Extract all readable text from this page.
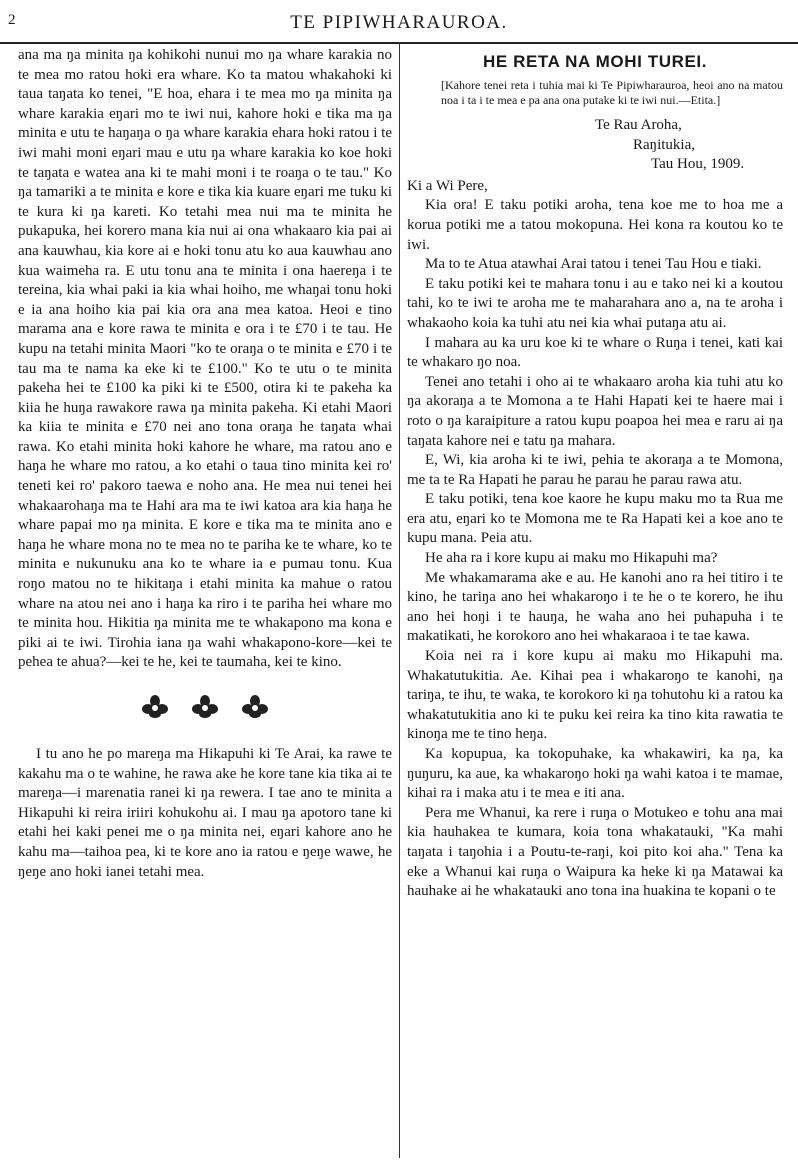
2	TE PIPIWHARAUROA.

ana ma ŋa minita ŋa kohikohi nunui mo ŋa whare karakia no te mea mo ratou hoki era whare. Ko ta matou whakahoki ki taua taŋata ko tenei, "E hoa, ehara i te mea mo ŋa minita ŋa whare karakia eŋari mo te iwi nui, kahore hoki e tika ma ŋa minita e utu te haŋaŋa o ŋa whare karakia ehara hoki ratou i te iwi mahi moni eŋari mau e utu ŋa whare karakia ko koe hoki te taŋata e watea ana ki te mahi moni i te roaŋa o te tau." Ko ŋa tamariki a te minita e kore e tika kia kuare eŋari me tuku ki te kura ki ŋa kareti. Ko tetahi mea nui ma te minita he pukapuka, hei korero mana kia nui ai ona whakaaro kia pai ai ana kauwhau, kia kore ai e hoki tonu atu ko aua kauwhau ano kua waimeha ra. E utu tonu ana te minita i ona haereŋa i te tereina, kia whai paki ia kia whai hoiho, me whaŋai tonu hoki e ia ana hoiho kia pai kia ora ana mea katoa. Heoi e tino marama ana e kore rawa te minita e ora i te £70 i te tau. He kupu na tetahi minita Maori "ko te oraŋa o te minita e £70 i te tau ma te nama ka eke ki te £100." Ko te utu o te minita pakeha hei te £100 ka piki ki te £500, otira ki te pakeha ka kiia he huŋa rawakore rawa ŋa minita pakeha. Ki etahi Maori ka kiia te minita e £70 nei ano tona oraŋa he taŋata whai rawa. Ko etahi minita hoki kahore he whare, ma ratou ano e haŋa he whare mo ratou, a ko etahi o taua tino minita kei ro' teneti kei ro' pakoro taewa e noho ana. He mea nui tenei hei whakaarohaŋa ma te Hahi ara ma te iwi katoa ara kia haŋa he whare papai mo ŋa minita. E kore e tika ma te minita ano e haŋa he whare mona no te mea no te pariha ke te whare, ko te minita e nukunuku ana ko te whare ia e pumau tonu. Kua roŋo matou no te hikitaŋa i etahi minita ka mahue o ratou whare na atou nei ano i haŋa ka riro i te pariha hei whare mo te minita hou. Hikitia ŋa minita me te whakapono ma kona e piki ai te iwi. Tirohia iana ŋa wahi whakapono-kore—kei te pehea te ahua?—kei te he, kei te taumaha, kei te kino.

I tu ano he po mareŋa ma Hikapuhi ki Te Arai, ka rawe te kakahu ma o te wahine, he rawa ake he kore tane kia tika ai te mareŋa—i marenatia ranei ki ŋa rewera. I tae ano te minita a Hikapuhi ki reira iriiri kohukohu ai. I mau ŋa apotoro tane ki etahi hei kaki penei me o ŋa minita nei, eŋari kahore ano he kahu ma—taihoa pea, ki te kore ano ia ratou e ŋeŋe wawe, he ŋeŋe ano hoki ianei tetahi mea.

HE RETA NA MOHI TUREI.

[Kahore tenei reta i tuhia mai ki Te Pipiwharauroa, heoi ano na matou noa i ta i te mea e pa ana ona putake ki te iwi nui.—Etita.]

Te Rau Aroha,

Raŋitukia,

Tau Hou, 1909.

Ki a Wi Pere,

Kia ora! E taku potiki aroha, tena koe me to hoa me a korua potiki me a tatou mokopuna. Hei kona ra koutou ko te iwi.

Ma to te Atua atawhai Arai tatou i tenei Tau Hou e tiaki.

E taku potiki kei te mahara tonu i au e tako nei ki a koutou tahi, ko te iwi te aroha me te maharahara ano a, na te aroha i whakaoho koia ka tuhi atu nei kia whai putaŋa atu ai.

I mahara au ka uru koe ki te whare o Ruŋa i tenei, kati kai te whakaro ŋo noa.

Tenei ano tetahi i oho ai te whakaaro aroha kia tuhi atu ko ŋa akoraŋa a te Momona a te Hahi Hapati kei te haere mai i roto o ŋa karaipiture a ratou kupu poapoa hei mea e raru ai ŋa taŋata kahore nei e tatu ŋa mahara.

E, Wi, kia aroha ki te iwi, pehia te akoraŋa a te Momona, me ta te Ra Hapati he parau he parau he parau rawa atu.

E taku potiki, tena koe kaore he kupu maku mo ta Rua me era atu, eŋari ko te Momona me te Ra Hapati kei a koe ano te kupu mana. Peia atu.

He aha ra i kore kupu ai maku mo Hikapuhi ma?

Me whakamarama ake e au. He kanohi ano ra hei titiro i te kino, he tariŋa ano hei whakaroŋo i te he o te korero, he ihu ano hei hoŋi i te hauŋa, he waha ano hei puhapuha i te makatikati, he korokoro ano hei whakaraoa i te tae kawa.

Koia nei ra i kore kupu ai maku mo Hikapuhi ma. Whakatutukitia. Ae. Kihai pea i whakaroŋo te kanohi, ŋa tariŋa, te ihu, te waka, te korokoro ki ŋa tohutohu ki a ratou ka whakatutukitia ano ki te puku kei reira ka tino kita rawatia te kinoŋa me te tino heŋa.

Ka kopupua, ka tokopuhake, ka whakawiri, ka ŋa, ka ŋuŋuru, ka aue, ka whakaroŋo hoki ŋa wahi katoa i te mamae, kihai ra i maka atu i te mea e iti ana.

Pera me Whanui, ka rere i ruŋa o Motukeo e tohu ana mai kia hauhakea te kumara, koia tona whakatauki, "Ka mahi taŋata i taŋohia i a Poutu-te-raŋi, koi pito koi aha." Tena ka eke a Whanui kai ruŋa o Waipura ka heke ki ŋa Matawai ka hauhake ai he whakatauki ano tona ina huakina te kopani o te
